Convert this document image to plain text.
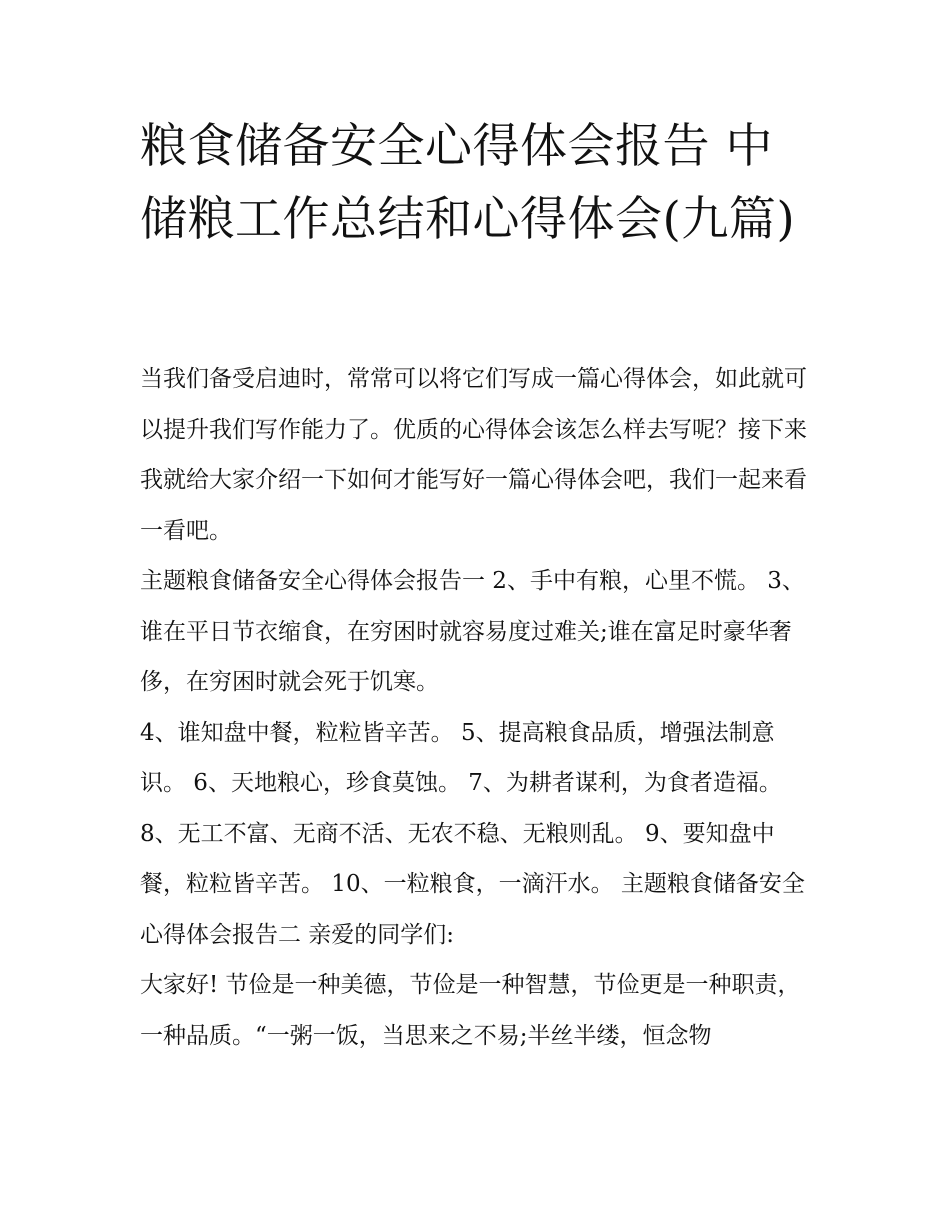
粮食储备安全心得体会报告 中储粮工作总结和心得体会(九篇)

当我们备受启迪时，常常可以将它们写成一篇心得体会，如此就可以提升我们写作能力了。优质的心得体会该怎么样去写呢？接下来我就给大家介绍一下如何才能写好一篇心得体会吧，我们一起来看一看吧。

主题粮食储备安全心得体会报告一 2、手中有粮，心里不慌。 3、谁在平日节衣缩食，在穷困时就容易度过难关;谁在富足时豪华奢侈，在穷困时就会死于饥寒。

4、谁知盘中餐，粒粒皆辛苦。 5、提高粮食品质，增强法制意识。 6、天地粮心，珍食莫蚀。 7、为耕者谋利，为食者造福。

8、无工不富、无商不活、无农不稳、无粮则乱。 9、要知盘中餐，粒粒皆辛苦。 10、一粒粮食，一滴汗水。 主题粮食储备安全心得体会报告二 亲爱的同学们:

大家好! 节俭是一种美德，节俭是一种智慧，节俭更是一种职责，一种品质。“一粥一饭，当思来之不易;半丝半缕，恒念物
